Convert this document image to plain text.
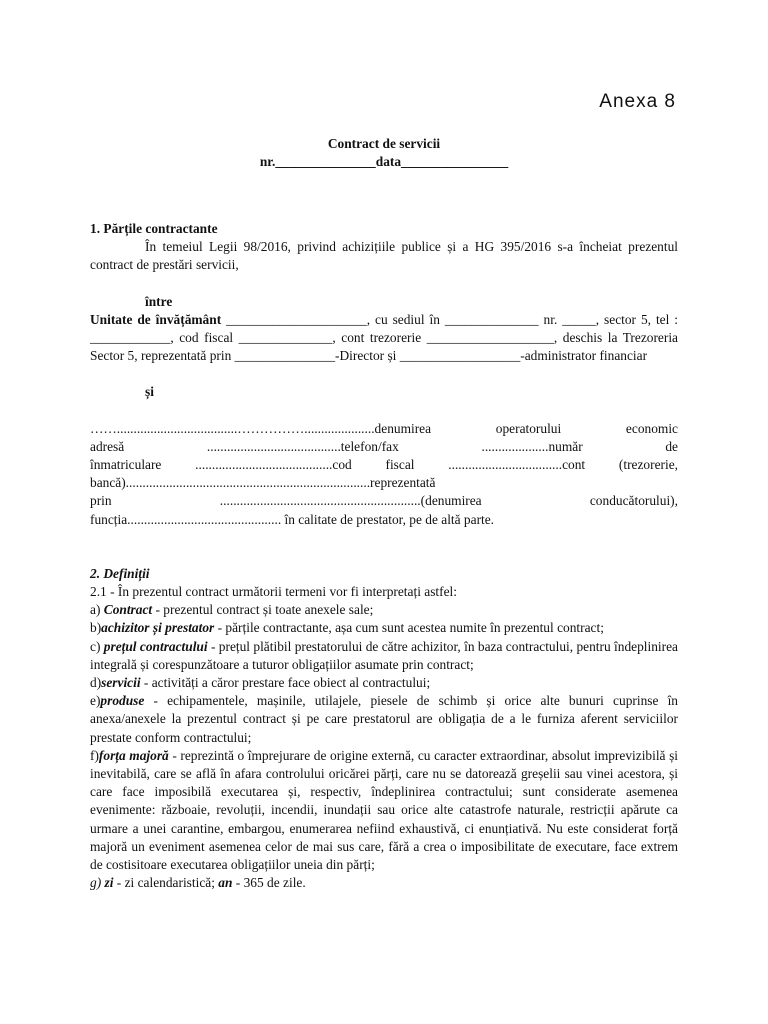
Anexa 8
Contract de servicii
nr._______________data________________

1. Părțile contractante

În temeiul Legii 98/2016, privind achizițiile publice și a HG 395/2016 s-a încheiat prezentul contract de prestări servicii,

între

Unitate de învățământ _____________________, cu sediul în ______________ nr. _____, sector 5, tel : ____________, cod fiscal ______________, cont trezorerie ___________________, deschis la Trezoreria Sector 5, reprezentată prin _______________-Director și __________________-administrator financiar

și

……....................................…………….....................denumirea operatorului economic

adresă ........................................telefon/fax ....................număr de

înmatriculare .........................................cod fiscal ..................................cont (trezorerie,

bancă).........................................................................reprezentată

prin ............................................................(denumirea conducătorului),

funcția.............................................. în calitate de prestator, pe de altă parte.

2. Definiții

2.1 - În prezentul contract următorii termeni vor fi interpretați astfel:

a) Contract - prezentul contract și toate anexele sale;

b)achizitor și prestator - părțile contractante, așa cum sunt acestea numite în prezentul contract;

c) prețul contractului - prețul plătibil prestatorului de către achizitor, în baza contractului, pentru îndeplinirea integrală și corespunzătoare a tuturor obligațiilor asumate prin contract;

d)servicii - activități a căror prestare face obiect al contractului;

e)produse - echipamentele, mașinile, utilajele, piesele de schimb și orice alte bunuri cuprinse în anexa/anexele la prezentul contract și pe care prestatorul are obligația de a le furniza aferent serviciilor prestate conform contractului;

f)forța majoră - reprezintă o împrejurare de origine externă, cu caracter extraordinar, absolut imprevizibilă și inevitabilă, care se află în afara controlului oricărei părți, care nu se datorează greșelii sau vinei acestora, și care face imposibilă executarea și, respectiv, îndeplinirea contractului; sunt considerate asemenea evenimente: războaie, revoluții, incendii, inundații sau orice alte catastrofe naturale, restricții apărute ca urmare a unei carantine, embargou, enumerarea nefiind exhaustivă, ci enunțiativă. Nu este considerat forță majoră un eveniment asemenea celor de mai sus care, fără a crea o imposibilitate de executare, face extrem de costisitoare executarea obligațiilor uneia din părți;

g) zi - zi calendaristică; an - 365 de zile.
